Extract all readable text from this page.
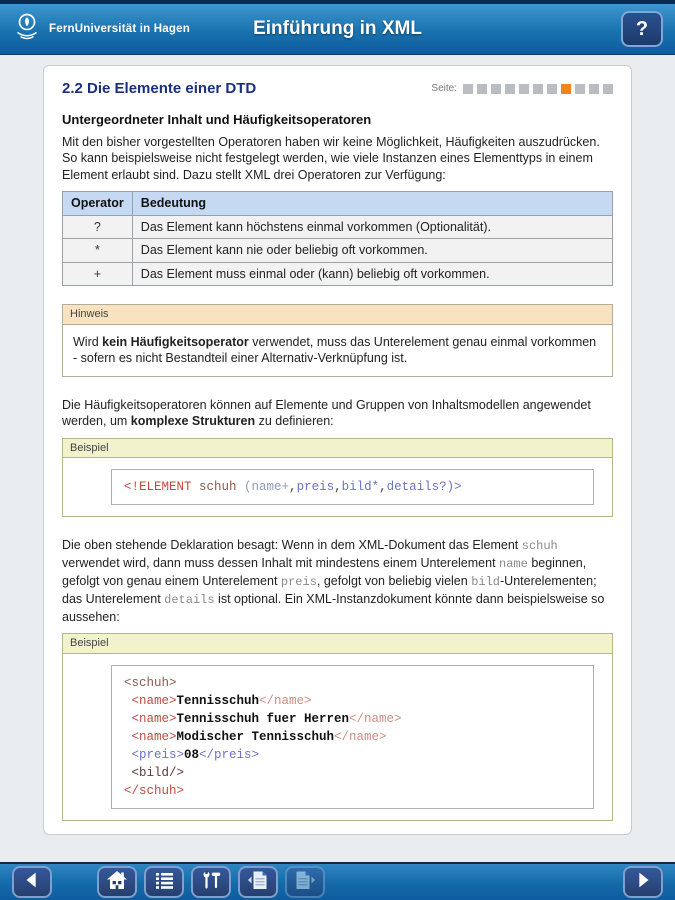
FernUniversität in Hagen	Einführung in XML	?
2.2 Die Elemente einer DTD	Seite:
Untergeordneter Inhalt und Häufigkeitsoperatoren

Mit den bisher vorgestellten Operatoren haben wir keine Möglichkeit, Häufigkeiten auszudrücken. So kann beispielsweise nicht festgelegt werden, wie viele Instanzen eines Elementtyps in einem Element erlaubt sind. Dazu stellt XML drei Operatoren zur Verfügung:

Operator	Bedeutung
?	Das Element kann höchstens einmal vorkommen (Optionalität).
*	Das Element kann nie oder beliebig oft vorkommen.
+	Das Element muss einmal oder (kann) beliebig oft vorkommen.
Hinweis
Wird kein Häufigkeitsoperator verwendet, muss das Unterelement genau einmal vorkommen - sofern es nicht Bestandteil einer Alternativ-Verknüpfung ist.

Die Häufigkeitsoperatoren können auf Elemente und Gruppen von Inhaltsmodellen angewendet werden, um komplexe Strukturen zu definieren:

Beispiel
<!ELEMENT schuh (name+,preis,bild*,details?)>

Die oben stehende Deklaration besagt: Wenn in dem XML-Dokument das Element schuh verwendet wird, dann muss dessen Inhalt mit mindestens einem Unterelement name beginnen, gefolgt von genau einem Unterelement preis, gefolgt von beliebig vielen bild-Unterelementen; das Unterelement details ist optional. Ein XML-Instanzdokument könnte dann beispielsweise so aussehen:

Beispiel
<schuh>
<name>Tennisschuh</name>
<name>Tennisschuh fuer Herren</name>
<name>Modischer Tennisschuh</name>
<preis>08</preis>
<bild/>
</schuh>
